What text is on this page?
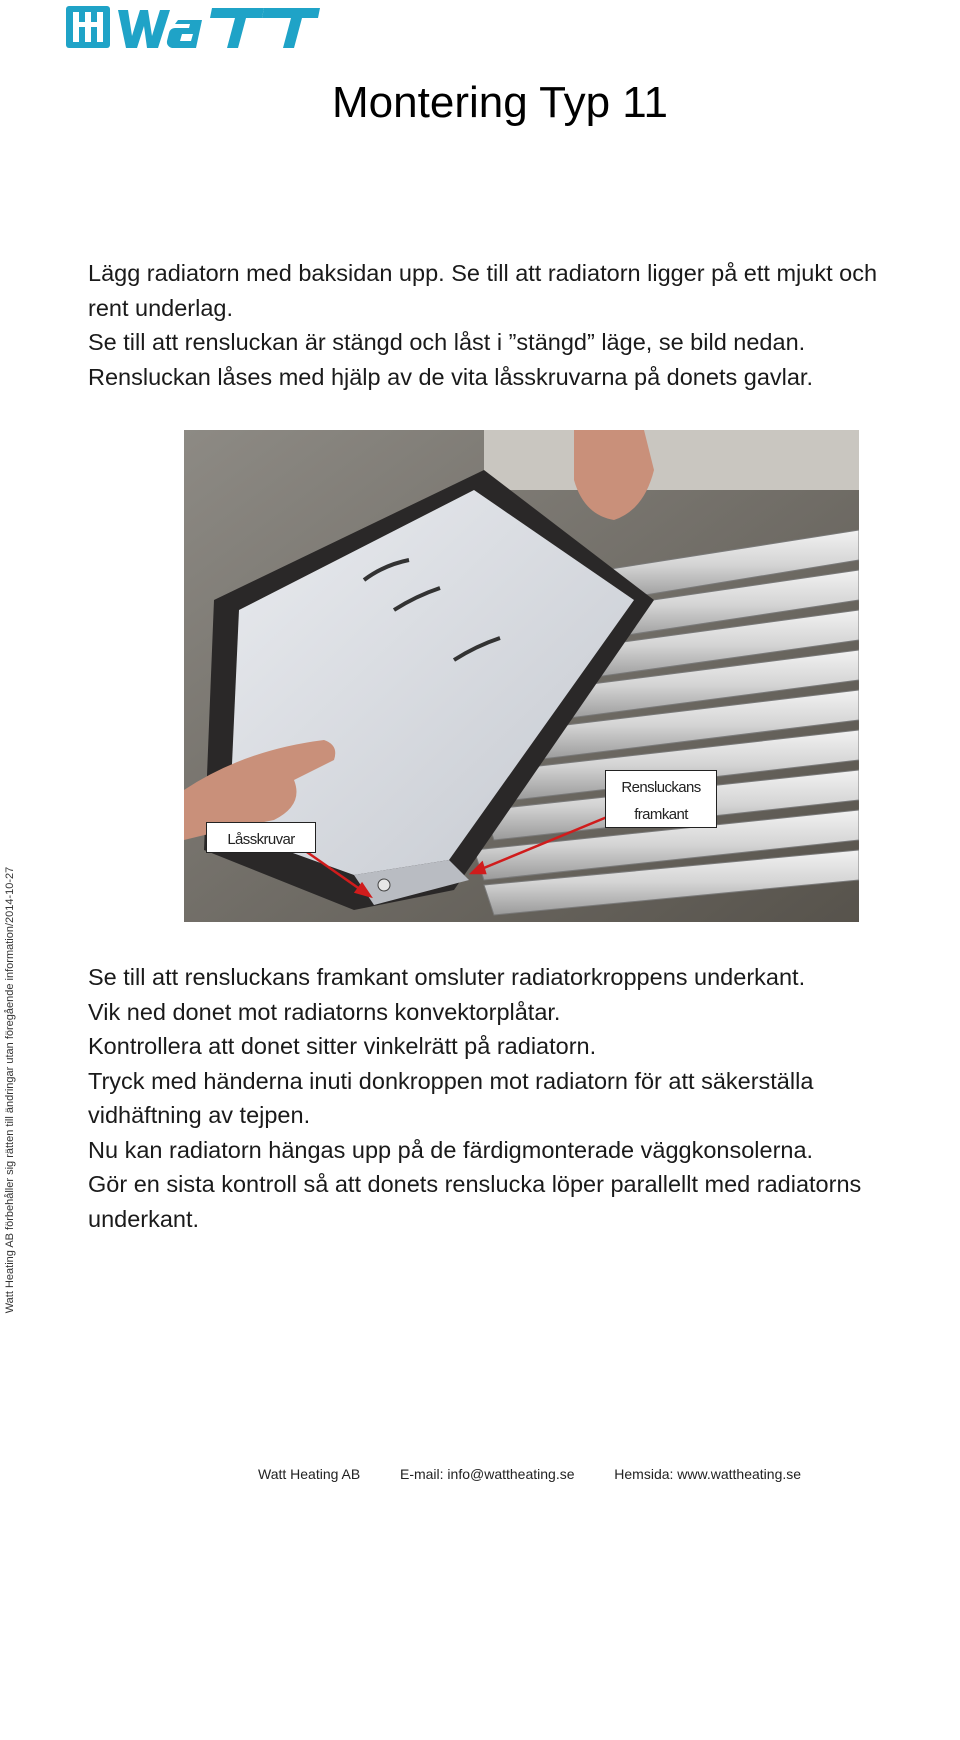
Montering Typ 11

Lägg radiatorn med baksidan upp. Se till att radiatorn ligger på ett mjukt och

rent underlag.

Se till att rensluckan är stängd och låst i ”stängd” läge, se bild nedan.

Rensluckan låses med hjälp av de vita låsskruvarna på donets gavlar.

Låsskruvar
Rensluckans
framkant

Se till att rensluckans framkant omsluter radiatorkroppens underkant.

Vik ned donet mot radiatorns konvektorplåtar.

Kontrollera att donet sitter vinkelrätt på radiatorn.

Tryck med händerna inuti donkroppen mot radiatorn för att säkerställa

vidhäftning av tejpen.

Nu kan radiatorn hängas upp på de färdigmonterade väggkonsolerna.

Gör en sista kontroll så att donets renslucka löper parallellt med radiatorns

underkant.

Watt Heating AB förbehåller sig rätten till ändringar utan föregående information/2014-10-27
Watt Heating AB	E-mail: info@wattheating.se	Hemsida: www.wattheating.se
